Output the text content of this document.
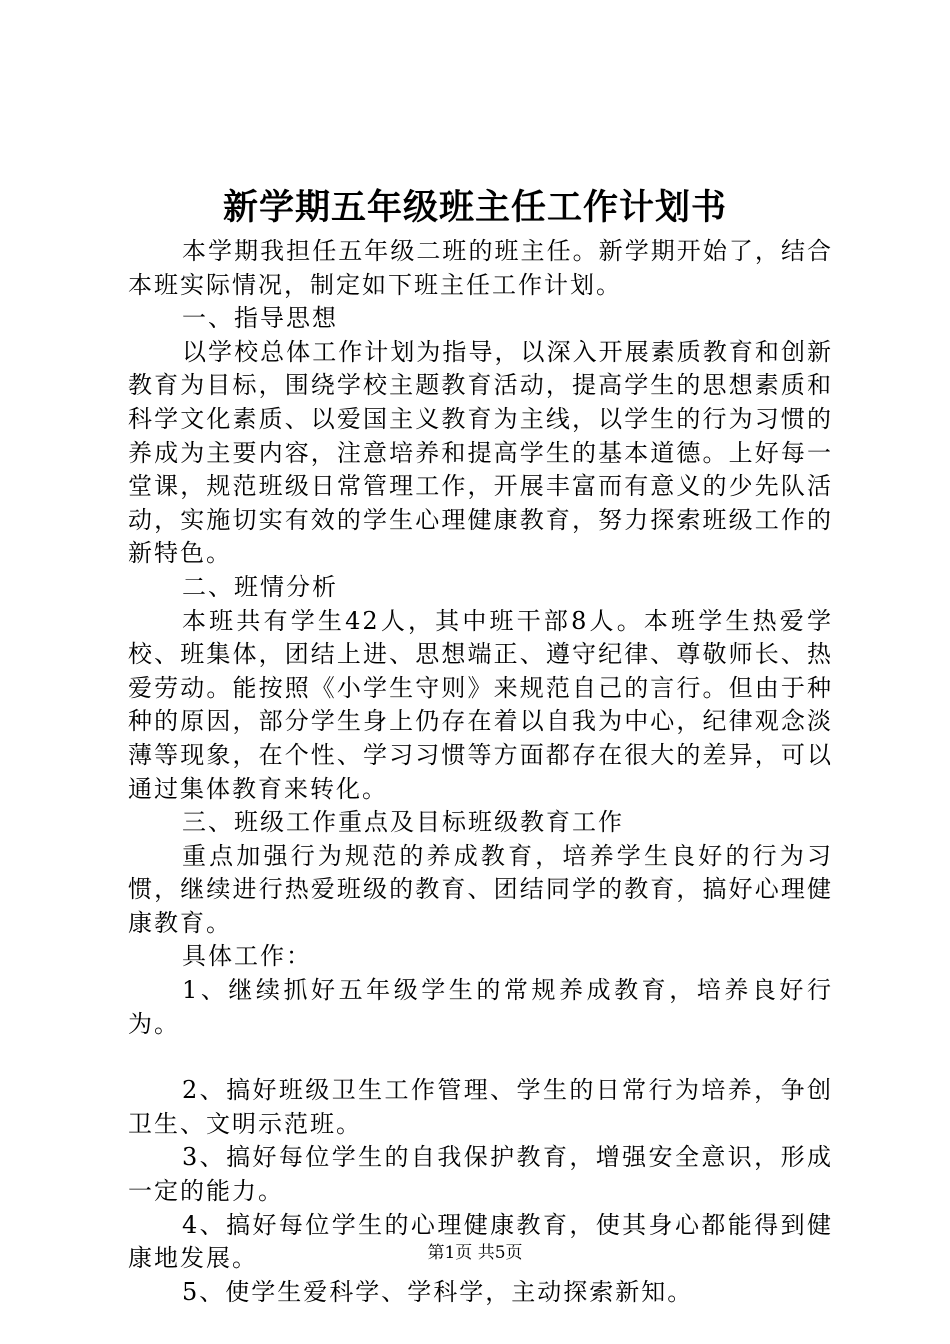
新学期五年级班主任工作计划书

本学期我担任五年级二班的班主任。新学期开始了，结合本班实际情况，制定如下班主任工作计划。

一、指导思想

以学校总体工作计划为指导，以深入开展素质教育和创新教育为目标，围绕学校主题教育活动，提高学生的思想素质和科学文化素质、以爱国主义教育为主线，以学生的行为习惯的养成为主要内容，注意培养和提高学生的基本道德。上好每一堂课，规范班级日常管理工作，开展丰富而有意义的少先队活动，实施切实有效的学生心理健康教育，努力探索班级工作的新特色。

二、班情分析

本班共有学生42人，其中班干部8人。本班学生热爱学校、班集体，团结上进、思想端正、遵守纪律、尊敬师长、热爱劳动。能按照《小学生守则》来规范自己的言行。但由于种种的原因，部分学生身上仍存在着以自我为中心，纪律观念淡薄等现象，在个性、学习习惯等方面都存在很大的差异，可以通过集体教育来转化。

三、班级工作重点及目标班级教育工作

重点加强行为规范的养成教育，培养学生良好的行为习惯，继续进行热爱班级的教育、团结同学的教育，搞好心理健康教育。

具体工作：

1、继续抓好五年级学生的常规养成教育，培养良好行为。

2、搞好班级卫生工作管理、学生的日常行为培养，争创卫生、文明示范班。

3、搞好每位学生的自我保护教育，增强安全意识，形成一定的能力。

4、搞好每位学生的心理健康教育，使其身心都能得到健康地发展。

5、使学生爱科学、学科学，主动探索新知。

第1页 共5页
